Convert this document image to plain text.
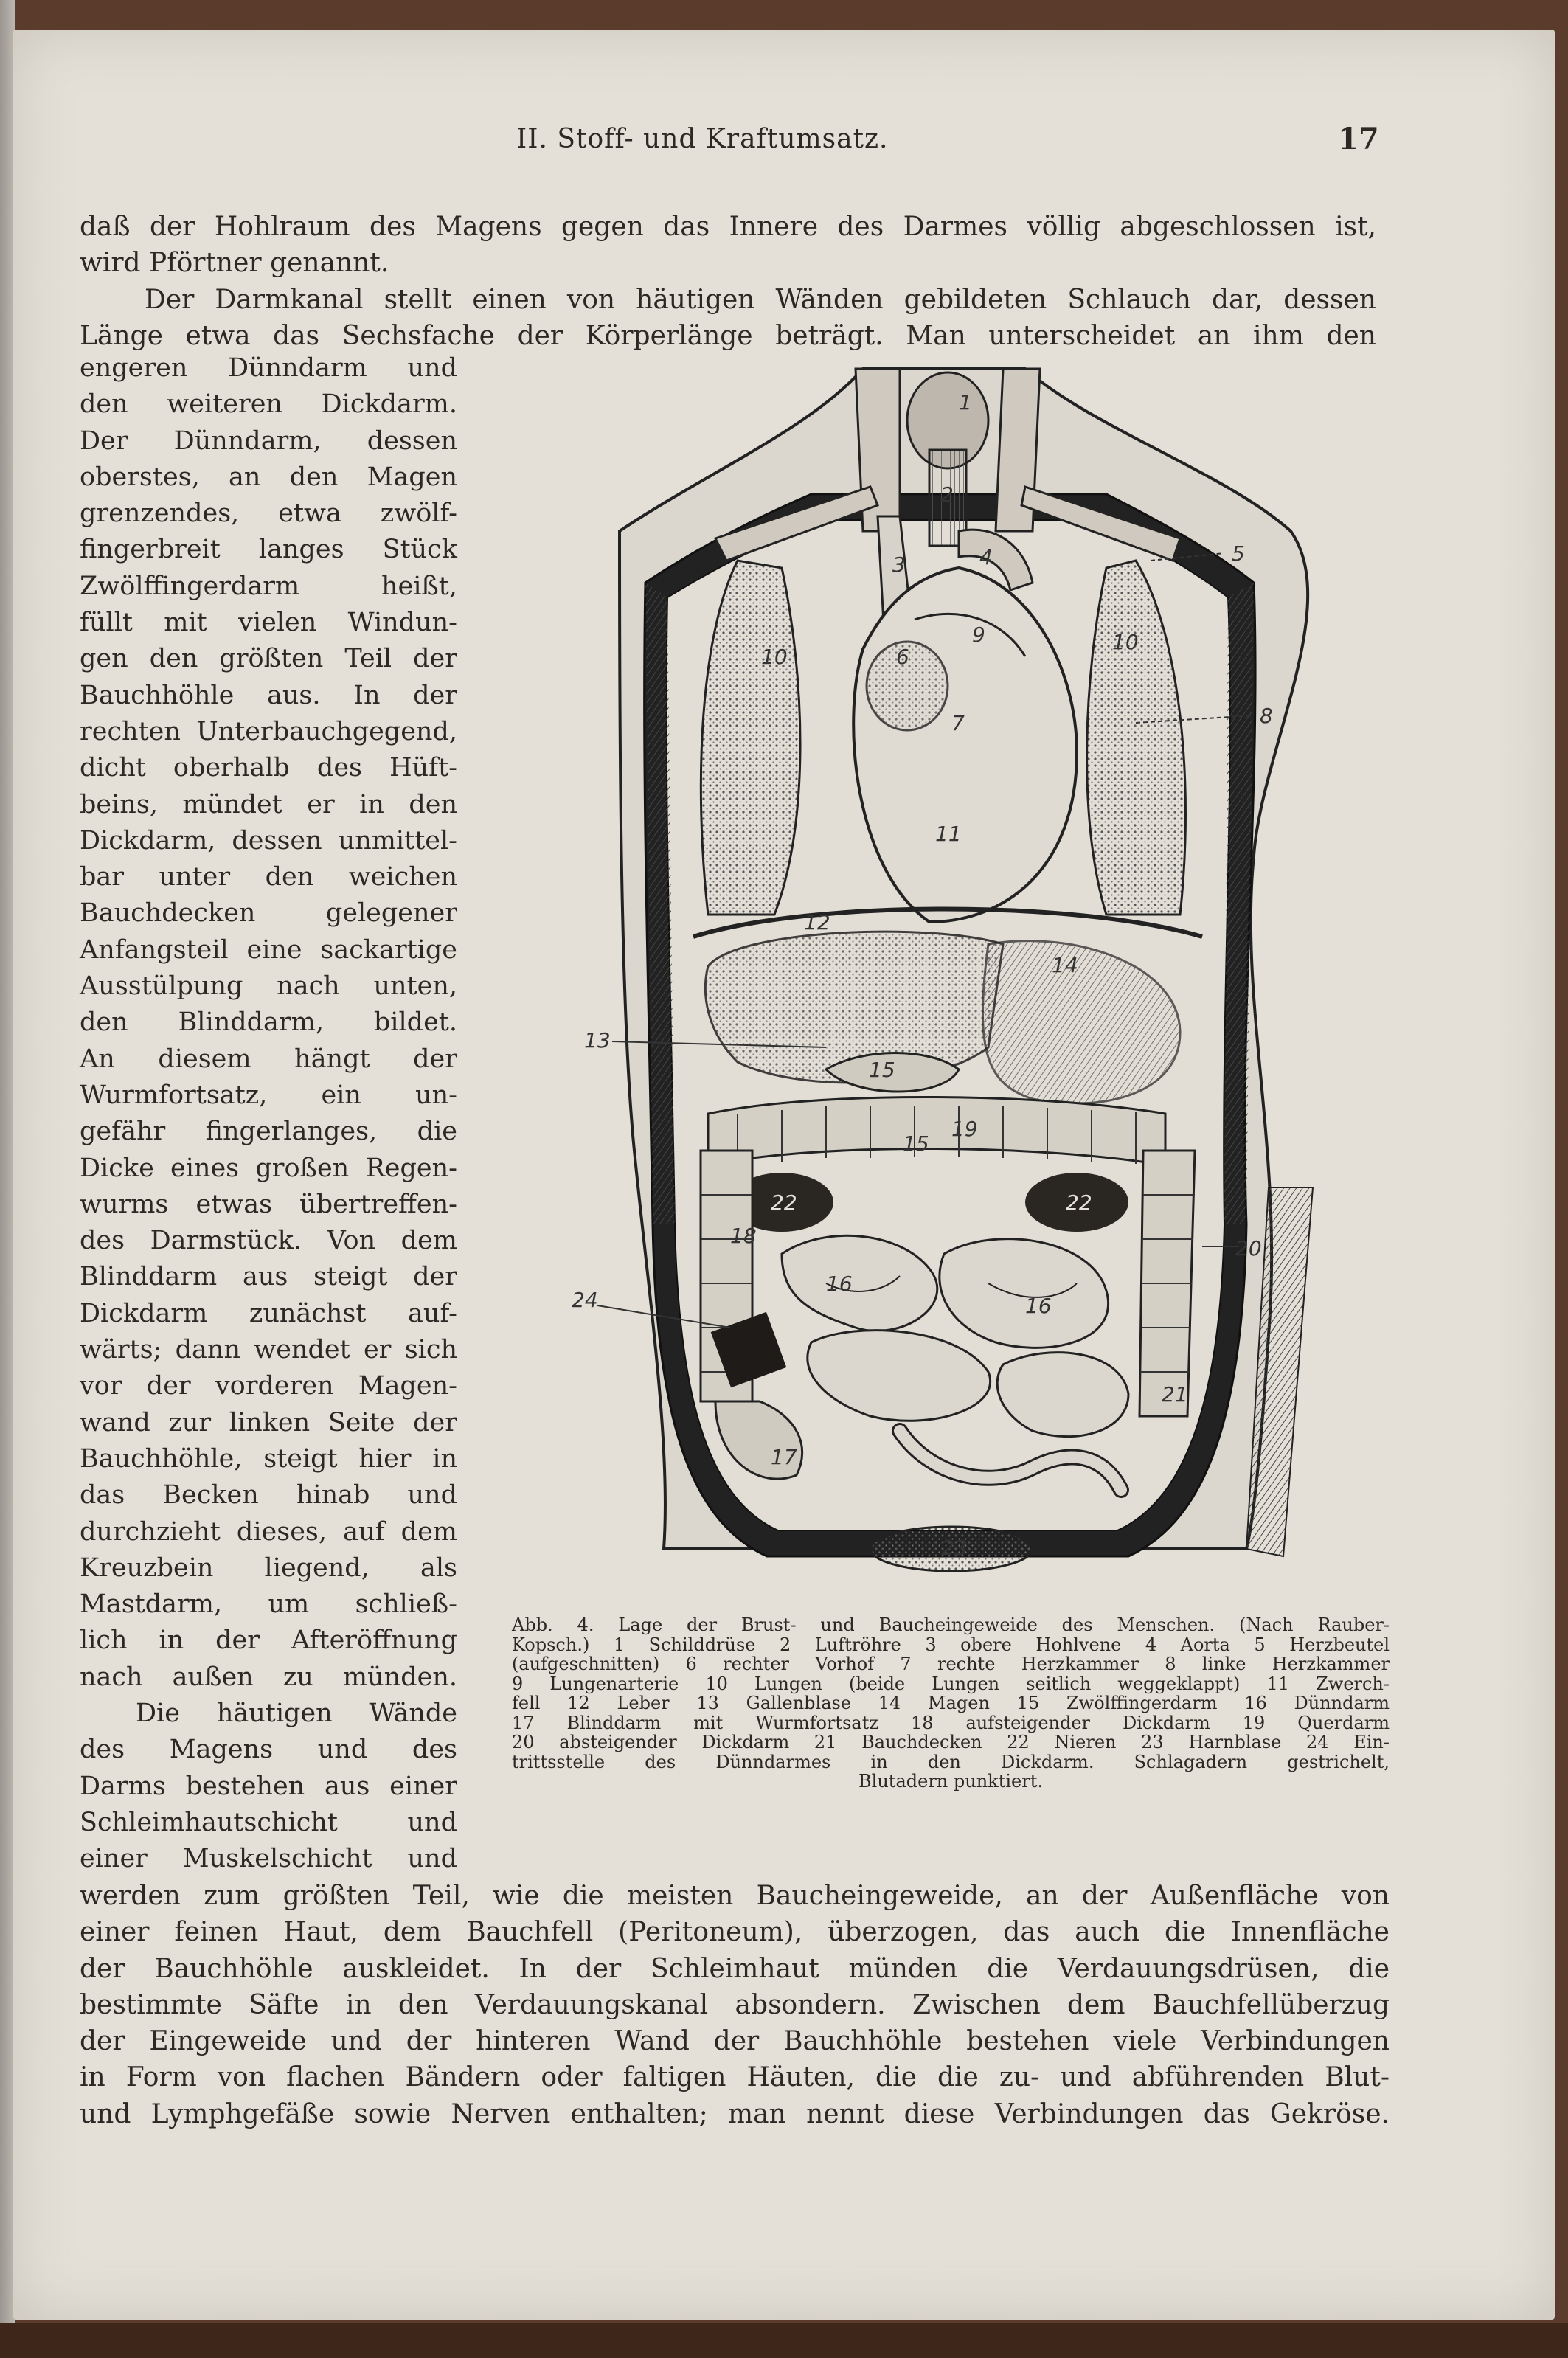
II. Stoff- und Kraftumsatz.	17
daß der Hohlraum des Magens gegen das Innere des Darmes völlig abgeschlossen ist,
wird Pförtner genannt.
Der Darmkanal stellt einen von häutigen Wänden gebildeten Schlauch dar, dessen
Länge etwa das Sechsfache der Körperlänge beträgt. Man unterscheidet an ihm den
engeren Dünndarm und
den weiteren Dickdarm.
Der Dünndarm, dessen
oberstes, an den Magen
grenzendes, etwa zwölf-
fingerbreit langes Stück
Zwölffingerdarm heißt,
füllt mit vielen Windun-
gen den größten Teil der
Bauchhöhle aus. In der
rechten Unterbauchgegend,
dicht oberhalb des Hüft-
beins, mündet er in den
Dickdarm, dessen unmittel-
bar unter den weichen
Bauchdecken gelegener
Anfangsteil eine sackartige
Ausstülpung nach unten,
den Blinddarm, bildet.
An diesem hängt der
Wurmfortsatz, ein un-
gefähr fingerlanges, die
Dicke eines großen Regen-
wurms etwas übertreffen-
des Darmstück. Von dem
Blinddarm aus steigt der
Dickdarm zunächst auf-
wärts; dann wendet er sich
vor der vorderen Magen-
wand zur linken Seite der
Bauchhöhle, steigt hier in
das Becken hinab und
durchzieht dieses, auf dem
Kreuzbein liegend, als
Mastdarm, um schließ-
lich in der Afteröffnung
nach außen zu münden.
Die häutigen Wände
des Magens und des
Darms bestehen aus einer
Schleimhautschicht und
einer Muskelschicht und
werden zum größten Teil, wie die meisten Baucheingeweide, an der Außenfläche von
einer feinen Haut, dem Bauchfell (Peritoneum), überzogen, das auch die Innenfläche
der Bauchhöhle auskleidet. In der Schleimhaut münden die Verdauungsdrüsen, die
bestimmte Säfte in den Verdauungskanal absondern. Zwischen dem Bauchfellüberzug
der Eingeweide und der hinteren Wand der Bauchhöhle bestehen viele Verbindungen
in Form von flachen Bändern oder faltigen Häuten, die die zu- und abführenden Blut-
und Lymphgefäße sowie Nerven enthalten; man nennt diese Verbindungen das Gekröse.
1
2
3	4	5
6
7	8
9
10
10
11
12
13
14
15
15
16
16
17
18
19
20
21
22	22
23
24
Abb. 4. Lage der Brust- und Baucheingeweide des Menschen. (Nach Rauber-
Kopsch.) 1 Schilddrüse 2 Luftröhre 3 obere Hohlvene 4 Aorta 5 Herzbeutel
(aufgeschnitten) 6 rechter Vorhof 7 rechte Herzkammer 8 linke Herzkammer
9 Lungenarterie 10 Lungen (beide Lungen seitlich weggeklappt) 11 Zwerch-
fell 12 Leber 13 Gallenblase 14 Magen 15 Zwölffingerdarm 16 Dünndarm
17 Blinddarm mit Wurmfortsatz 18 aufsteigender Dickdarm 19 Querdarm
20 absteigender Dickdarm 21 Bauchdecken 22 Nieren 23 Harnblase 24 Ein-
trittsstelle des Dünndarmes in den Dickdarm. Schlagadern gestrichelt,
Blutadern punktiert.
